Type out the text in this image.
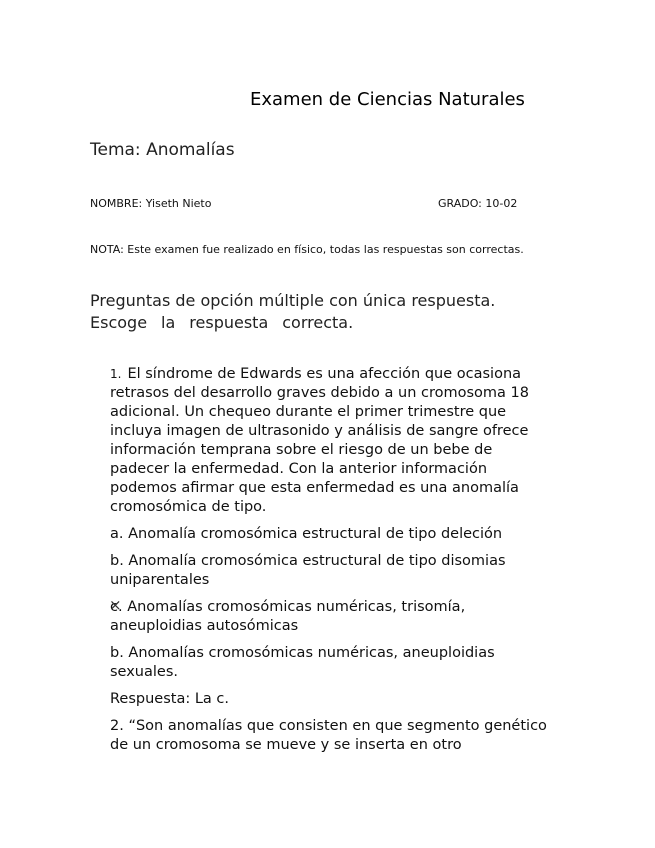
Examen de Ciencias Naturales
Tema: Anomalías
NOMBRE: Yiseth Nieto	GRADO: 10-02
NOTA: Este examen fue realizado en físico, todas las respuestas son correctas.
Preguntas de opción múltiple con única respuesta.
Escoge la respuesta correcta.

1. El síndrome de Edwards es una afección que ocasiona
retrasos del desarrollo graves debido a un cromosoma 18
adicional. Un chequeo durante el primer trimestre que
incluya imagen de ultrasonido y análisis de sangre ofrece
información temprana sobre el riesgo de un bebe de
padecer la enfermedad. Con la anterior información
podemos afirmar que esta enfermedad es una anomalía
cromosómica de tipo.

a. Anomalía cromosómica estructural de tipo deleción

b. Anomalía cromosómica estructural de tipo disomias
uniparentales

c ×. Anomalías cromosómicas numéricas, trisomía,
aneuploidias autosómicas

b. Anomalías cromosómicas numéricas, aneuploidias
sexuales.

Respuesta: La c.

2. “Son anomalías que consisten en que segmento genético
de un cromosoma se mueve y se inserta en otro
